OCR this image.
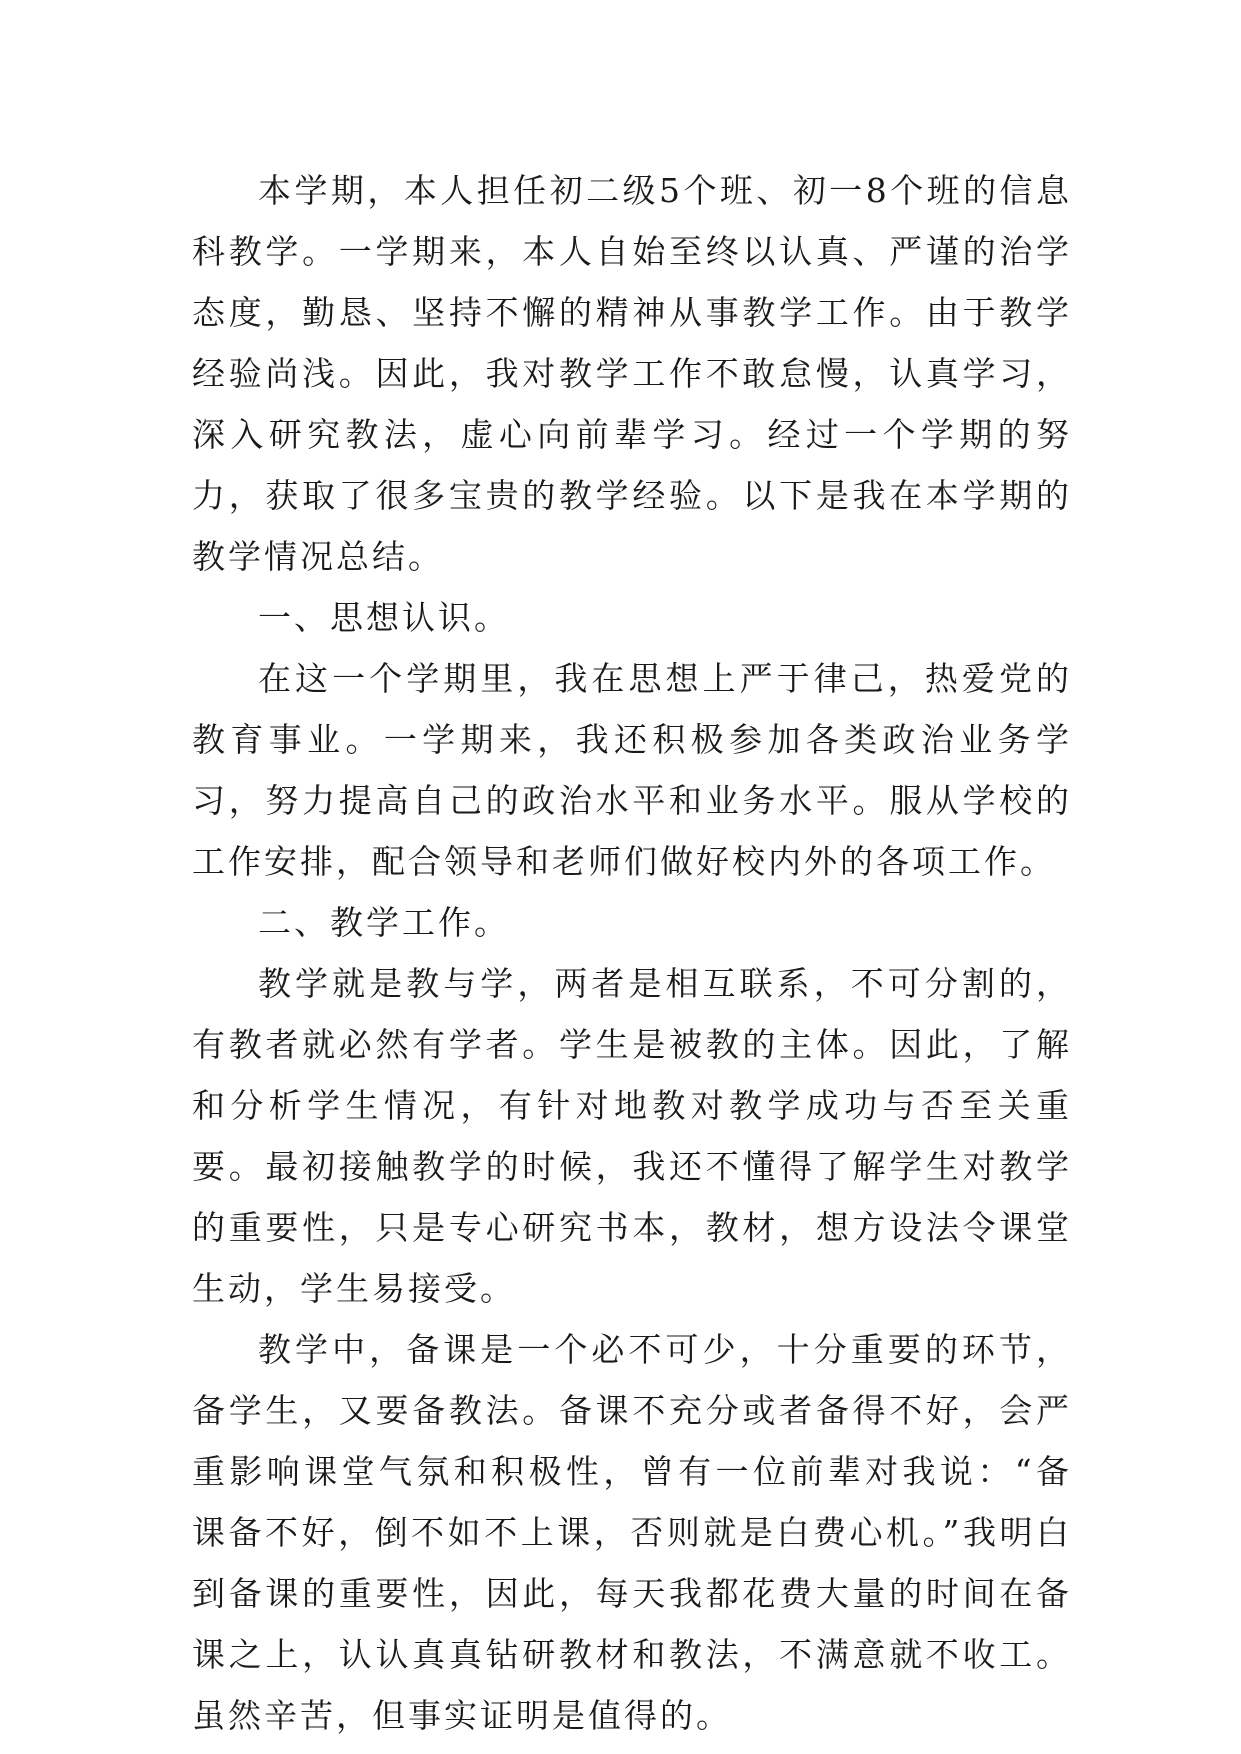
本学期，本人担任初二级5个班、初一8个班的信息科教学。一学期来，本人自始至终以认真、严谨的治学态度，勤恳、坚持不懈的精神从事教学工作。由于教学经验尚浅。因此，我对教学工作不敢怠慢，认真学习，深入研究教法，虚心向前辈学习。经过一个学期的努力，获取了很多宝贵的教学经验。以下是我在本学期的教学情况总结。

一、思想认识。

在这一个学期里，我在思想上严于律己，热爱党的教育事业。一学期来，我还积极参加各类政治业务学习，努力提高自己的政治水平和业务水平。服从学校的工作安排，配合领导和老师们做好校内外的各项工作。

二、教学工作。

教学就是教与学，两者是相互联系，不可分割的，有教者就必然有学者。学生是被教的主体。因此，了解和分析学生情况，有针对地教对教学成功与否至关重要。最初接触教学的时候，我还不懂得了解学生对教学的重要性，只是专心研究书本，教材，想方设法令课堂生动，学生易接受。

教学中，备课是一个必不可少，十分重要的环节，备学生，又要备教法。备课不充分或者备得不好，会严重影响课堂气氛和积极性，曾有一位前辈对我说：“备课备不好，倒不如不上课，否则就是白费心机。”我明白到备课的重要性，因此，每天我都花费大量的时间在备课之上，认认真真钻研教材和教法，不满意就不收工。虽然辛苦，但事实证明是值得的。
